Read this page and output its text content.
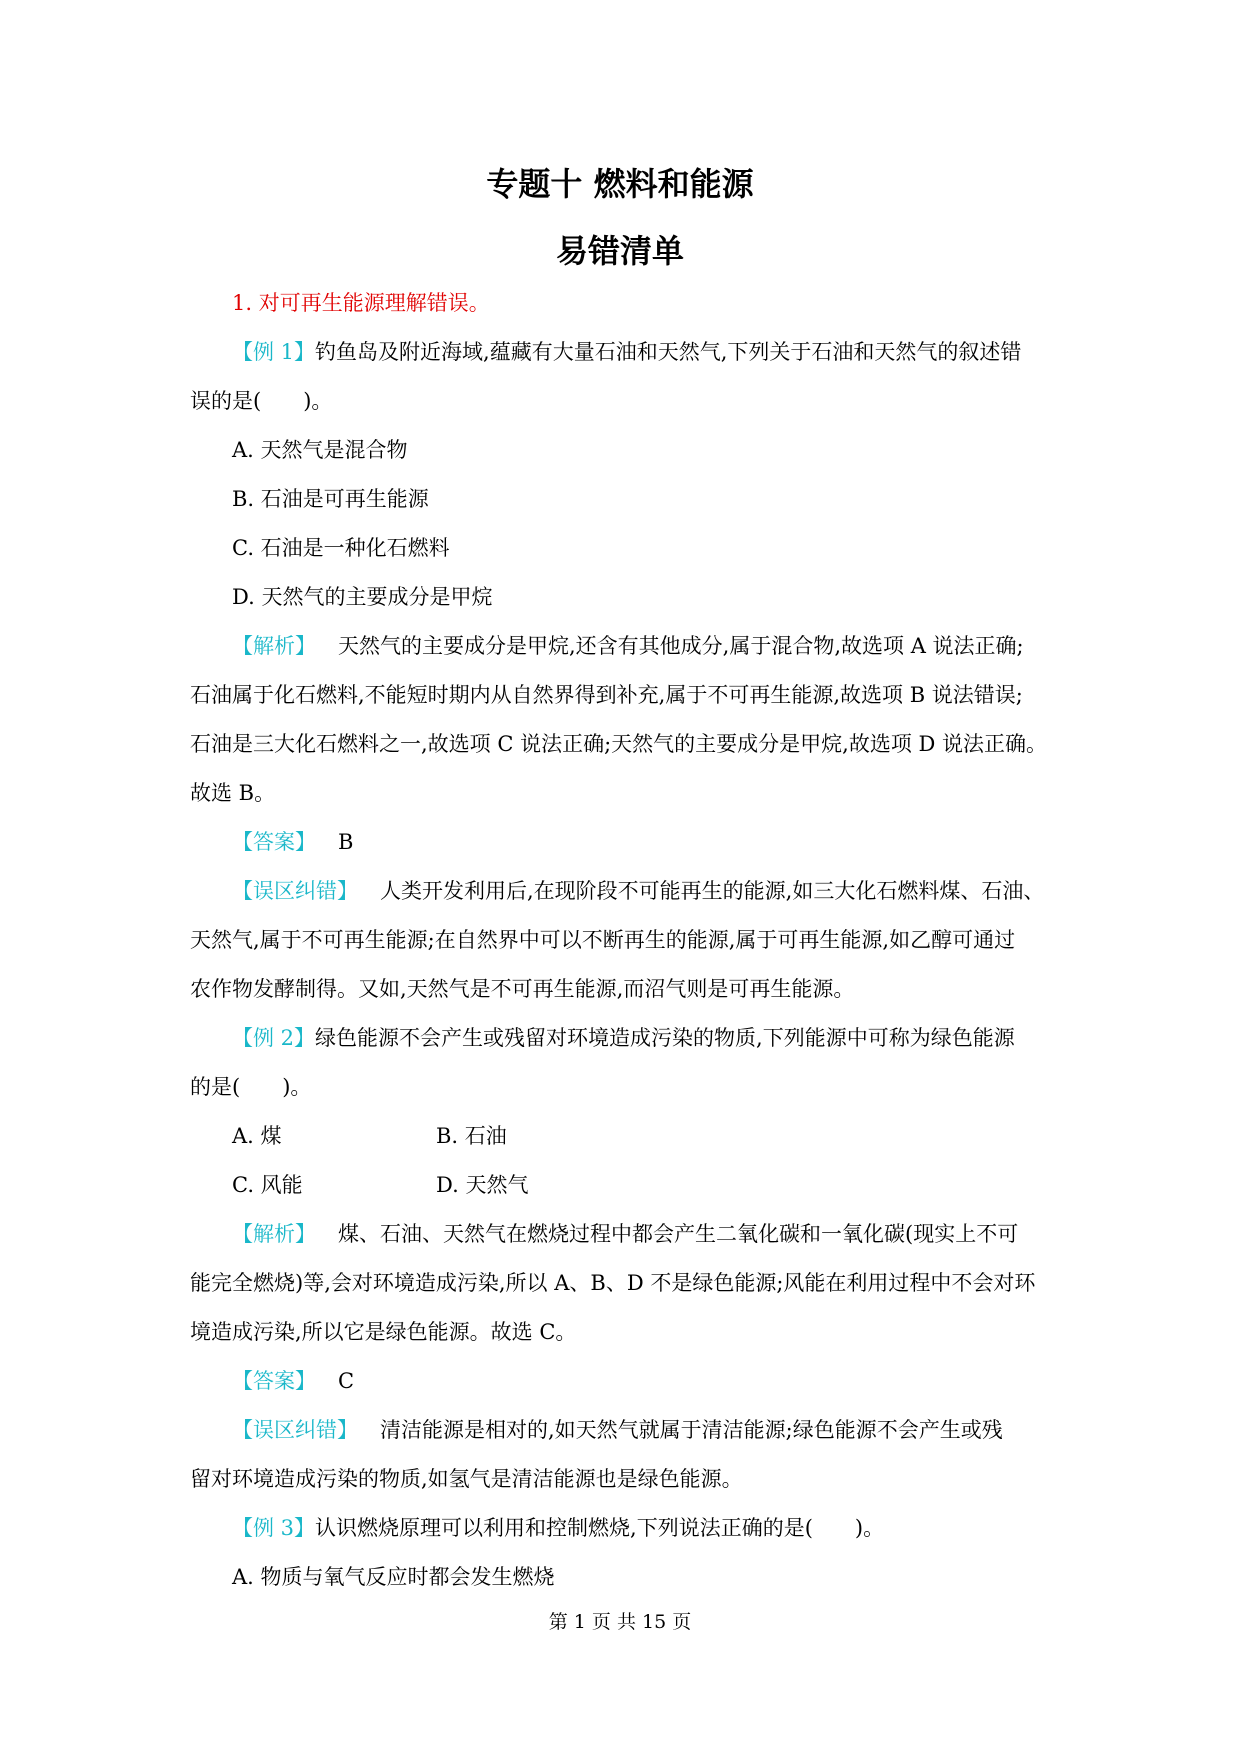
专题十 燃料和能源
易错清单
1. 对可再生能源理解错误。
【例 1】钓鱼岛及附近海域,蕴藏有大量石油和天然气,下列关于石油和天然气的叙述错
误的是(　　)。
A. 天然气是混合物
B. 石油是可再生能源
C. 石油是一种化石燃料
D. 天然气的主要成分是甲烷
【解析】 天然气的主要成分是甲烷,还含有其他成分,属于混合物,故选项 A 说法正确;
石油属于化石燃料,不能短时期内从自然界得到补充,属于不可再生能源,故选项 B 说法错误;
石油是三大化石燃料之一,故选项 C 说法正确;天然气的主要成分是甲烷,故选项 D 说法正确。
故选 B。
【答案】 B
【误区纠错】 人类开发利用后,在现阶段不可能再生的能源,如三大化石燃料煤、石油、
天然气,属于不可再生能源;在自然界中可以不断再生的能源,属于可再生能源,如乙醇可通过
农作物发酵制得。又如,天然气是不可再生能源,而沼气则是可再生能源。
【例 2】绿色能源不会产生或残留对环境造成污染的物质,下列能源中可称为绿色能源
的是(　　)。
A. 煤	B. 石油
C. 风能	D. 天然气
【解析】 煤、石油、天然气在燃烧过程中都会产生二氧化碳和一氧化碳(现实上不可
能完全燃烧)等,会对环境造成污染,所以 A、B、D 不是绿色能源;风能在利用过程中不会对环
境造成污染,所以它是绿色能源。故选 C。
【答案】 C
【误区纠错】 清洁能源是相对的,如天然气就属于清洁能源;绿色能源不会产生或残
留对环境造成污染的物质,如氢气是清洁能源也是绿色能源。
【例 3】认识燃烧原理可以利用和控制燃烧,下列说法正确的是(　　)。
A. 物质与氧气反应时都会发生燃烧
第 1 页 共 15 页
